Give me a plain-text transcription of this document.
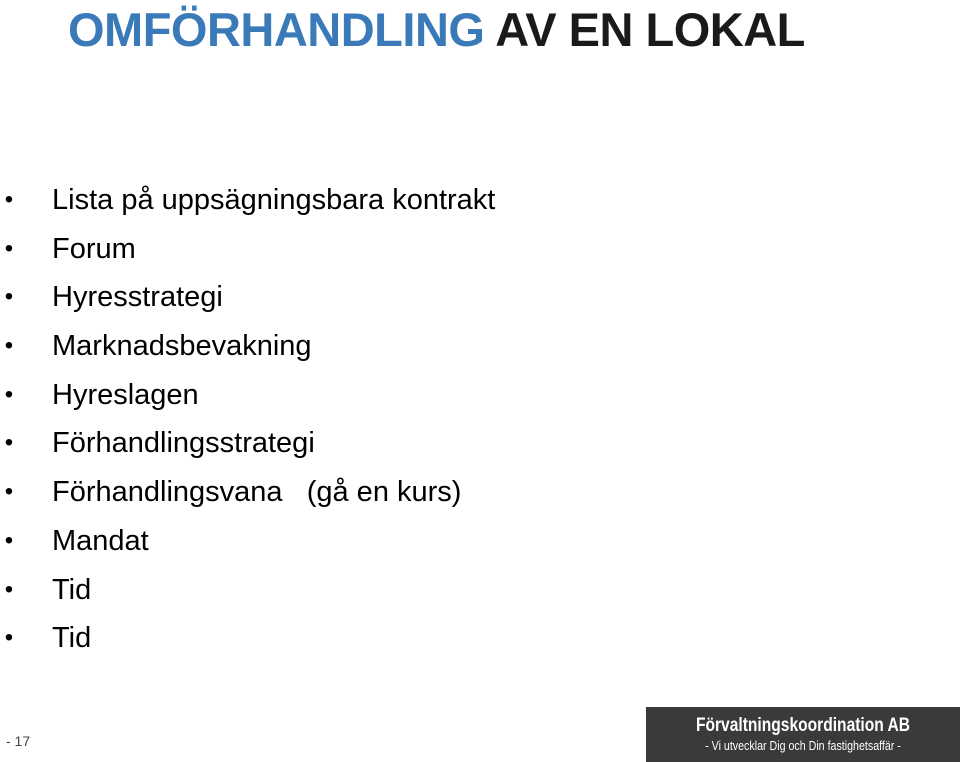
OMFÖRHANDLING AV EN LOKAL
• Lista på uppsägningsbara kontrakt
• Forum
• Hyresstrategi
• Marknadsbevakning
• Hyreslagen
• Förhandlingsstrategi
• Förhandlingsvana   (gå en kurs)
• Mandat
• Tid
• Tid
- 17
Förvaltningskoordination AB
- Vi utvecklar Dig och Din fastighetsaffär -
